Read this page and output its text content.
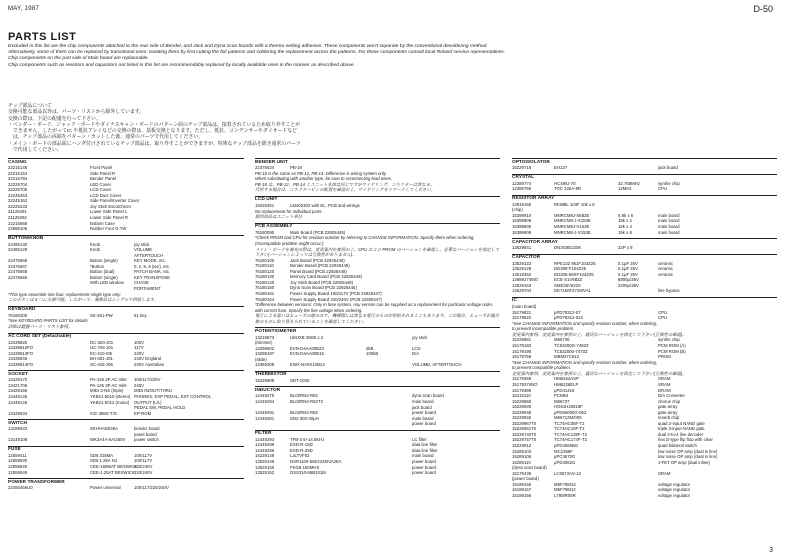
MAY, 1987	D-50
3
PARTS LIST

Excluded in this list are the chip components attached to the rear side of Bender, and Jack and Dyna scan boards with a thermo-setting adhesive. These components won't separate by the conventional desoldering method.

Alternatively, some of them can be replaced by transitional ones: isolating them by first cutting the foil patterns and soldering the replacement across the patterns. For these components consult local Roland service representatives.

Chip components on the part side of Main board are replaceable.

Chip components such as resistors and capacitors not listed in this list are recommendably replaced by locally available ones in the manner as described above.

チップ部品について

交換可能な部品以外は、パーツ・リストから除外しています。

交換の際は、下記の配慮を行って下さい。

・ベンダー・ボード、ジャック・ボードやダイナスキャン・ボードのパターン面のチップ部品は、接着されているため取り外すことが

　できません。したがってIC や抵抗アレイなどの交換の際は、基板交換となります。ただし、抵抗、コンデンサーやダイオードなど

　は、チップ部品の両端をパターン・カットした後、通常のパーツで代用してください。

・メイン・ボードの部品面にハンダ付けされているチップ部品は、取り外すことができますが、特殊なチップ部品を除き通常のパーツ

　で代用してください。

CASING
22215146	Front Panel
22215153	Side Panel R
22215784	Bender Panel
22225704	LED Cover
22225705	LCD Cover
22245463	LCD Duct Cover
22245162	Side Panel/Inverter Cover
22225233	Joy Stick Escutcheon
21125291	Lower Side Panel L
21125292	Lower Side Panel R
22215568	Bottom Case
22565105	Rubber Foot G-7W
BUTTON/KNOB
22485130	Knob	joy stick
22485129	Knob	VOLUME
AFTERTOUCH
22475669	Button (single)	KEY MODE, etc.
22475667	*Button	0, 2, 5, 8 (ten), etc.
22475668	Button (dual)	PATCH BANK, etc.
22475656	Button (single)	KEY TRANSPOSE
With LED window	CHASE
PORTAMENT

*This type assemble into four: replacement single type only.

このボタンは 4 つに分割可能。したがって、補修品はシングルで供給します。

KEYBOARD
76180200	SK-361-PW	61 key

*See KEYBOARD PARTS LIST for details.

詳細は鍵盤パーツ・リスト参照。

AC CORD SET (Detachable)
13439825	DC-320-J01	100V
13439812FO	UC-704-J01	117V
13439813FO	EC-210-I06	220V
13439846	BH-301-J01	240V England
13439814FO	SC-415-J06	240V Australian
SOCKET
13429170	PA-126 2P AC Inlet	100/117/220V
13421706	PA-125 3P AC Inlet	240V
13429168	MIDI 3-NS (triple)	MIDI IN/OUT/THRU
13449145	YKB21-5010 (stereo) PHONES, EXP PEDAL, EXT CONTROL
13449146	YKB21-5012 (mono)	OUTPUT (L/L)
PEDAL SW, PEDAL HOLD
13429534	ICE-386S-T/G	EP-ROM
SWITCH
13189633	SKHHAD039A	bender board
panel board
13149108	WK3A4A-5A/250V	power switch
FUSE
12559411	SD6 315MA	100/117V
12559830	SD6 1.25A N1	100/117V
12559540	CEE-160MAT BESWICK
220/240V
12559549	CEE-1.25AT BESWICK 220/240V
POWER TRANSFORMER
22455466U0	Power universal	100/117/220/240V
BENDER UNIT
22375624	PB-18

PB-18 is the same as PB-12, PB-14. Difference is wiring system only.

When substituting with another type, be sure to reconnecting lead wires.

PB-18 は、PB-12、PB-14 とユニット本体は同じですがワイヤリング、コネクターは異なる。

代用する場合は、コネクターピンの配置を確認の上、ワイヤリングをリワークしてください。

LCD UNIT
15029451	LM402302 with EL, PCB and wirings

No replacement for individual parts.

個別部品はユニット単位

PCB ASSEMBLY
76180090	Main Board (PCB 22925445)

*Check PROM and CPU for revision number by referring to CHANGE INFORMATION. Specify them when ordering. (Incompatible problem might occur.)

メイン・ボードを補充の際は、変更案内を参照の上、CPU および PROM のバージョンを確認し、必要なバージョンを指定して下さい(バージョンによっては互換性がありません)。

76180100	Jack Board (PCB 22925446)
76180110	Bender Board (PCB 22925446)
76180120	Panel Board (PCB 22925448)
76180130	Memory Card Board (PCB 22925449)
76180140	Joy Stick Board (PCB 22925448)
76180150	Dyna Scan Board (PCB 22925446)
76180161	Power Supply Board 100/117V (PCB 22925447)
76180164	Power Supply Board 220/240V (PCB 22925447)

*Difference between versions: Only in fuse system. Any version can be supplied as a replacement for particular voltage order, with correct fuse. Specify the line voltage when ordering.

電圧による違いはヒューズの値のみで、機種間には異なる電圧のものが供給されることもあります。この場合、ヒューズが適合値のものに取り替えられていることを確認してください。

POTENTIOMETER
13219873	UMJXB 20KB x 2	joy stick
(trimmer)
13299602	EVN-D4AA00B23	2kB	LCD
13299187	EVN-D4AA00B15	100kB	D/A
(slide)
13359308	EWA-NA0X10B14	VOLUME, AFTERTOUCH
THERMISTOR
15229908	SDT-1000
INDUCTOR
12449279	BL02RN2-R62	dyna scan board
12449294	BL02RN2-R62T2	main board
jack board
12449291	BL02RN2-R62	power board
12449281	SN2-300-30μH	main board
power board
FILTER
12449293	TFB-3 5+14.5KHz	LC filter
12449299	ESD-R-15D	data line filter
12449296	ESD-R-25D	data line filter
15229149	LJLTVF02	main board
13529148	DSR1100-56E222MVA2EA	power board
13529150	FKG8-160MHS	power board
13529152	DSS310-55B101M	power board
OPTOISOLATOR
15229718	EH137	jack board
CRYSTAL
12389774	HC49/U-70	32.768MHz	synthe chip
12389765	TOC 226A-8R	12MHz	CPU
RESISTOR ARRAY
13919155	RKMBL 103F 10k x 6
(chip)
15399910	MNRCM8J-X682E	6.8k x 8	main board
15399908	MNRCM8-J-X153E	15k x 2	main board
15399905	MNRCM8J-X153E	15k x 4	main board
15399906	MNRCM8-J-X153E	15k x 8	main board
CAPACITOR ARRAY
13529941	DN3G8E220K	22P x 8
CAPACITOR
13529122	RPE132 951F104Z25	0.1μF 25V	ceramic
13529128	DD308-F104Z25	0.1μF 25V	ceramic
13519452	DD306-68XF104Z25	0.1μF 25V	ceramic
13689274MO	ECE-S1V682Z	6800μ/35V
13629163	SME35V8220	2200μ/35V
13529704	DE7150F472MVA1	line bypass
IC
(main board)
15179821	μPD78312-07	CPU
15179822	μPD78312-022	CPU

*See CHANGE INFORMATION and specify revision number, when ordering,

to prevent incompatible problem.

変更案内参照、変更案内を参照の上、適切なバージョンを指定して下さい(互換性の確認)。

15229861	M66736	synthe chip
15179183	TC53200G-7482Z	PCM ROM (A)
15179195	TC532000-7470Z	PCM ROM (B)
15179758	MBM27C512	PROM

*See CHANGE INFORMATION and specify revision number, when ordering,

to prevent compatible problem.

変更案内参照、変更案内を参照の上、適切なバージョンを指定して下さい(互換性の確認)。

15179369	HM6264ASP	SRAM
15179374NO	HM6226ELP	SRAM
15179368	μPD41416	DRAM
15219110	PCM54	D/A Converter
15229860	M66737	chorus chip
15229949	HG61H25818F	gate array
15229948	μPD65005G-062	gate array
15229946	M66712M/000	reverb chip
15229967T0	TC74HC08F-T2	quad 2-input NAND gate
15229961T0	TC74HC10F-T2	triple 3-input NAND gate
15229740T0	TC74HC139F-T2	dual 2-to-4 line decoder
15229757T0	TC74HC174F-T2	hex D-type flip flop with clear
15229912	μPD4066BG	quad bilateral switch
15289103	MC2356F	low noise OP amp (dual in line)
15289106	μPC4570G	low noise OP amp (dual in line)
15289110	μPD4062G	J-FET OP amp (dual inline)
(dyna scan board)
15179436	LC6574AS-12	SRAM
(power board)
15199156	M5F78M12	voltage regulator
15199157	M5F79M12	voltage regulator
15199156	L78MR05R	voltage regulator
